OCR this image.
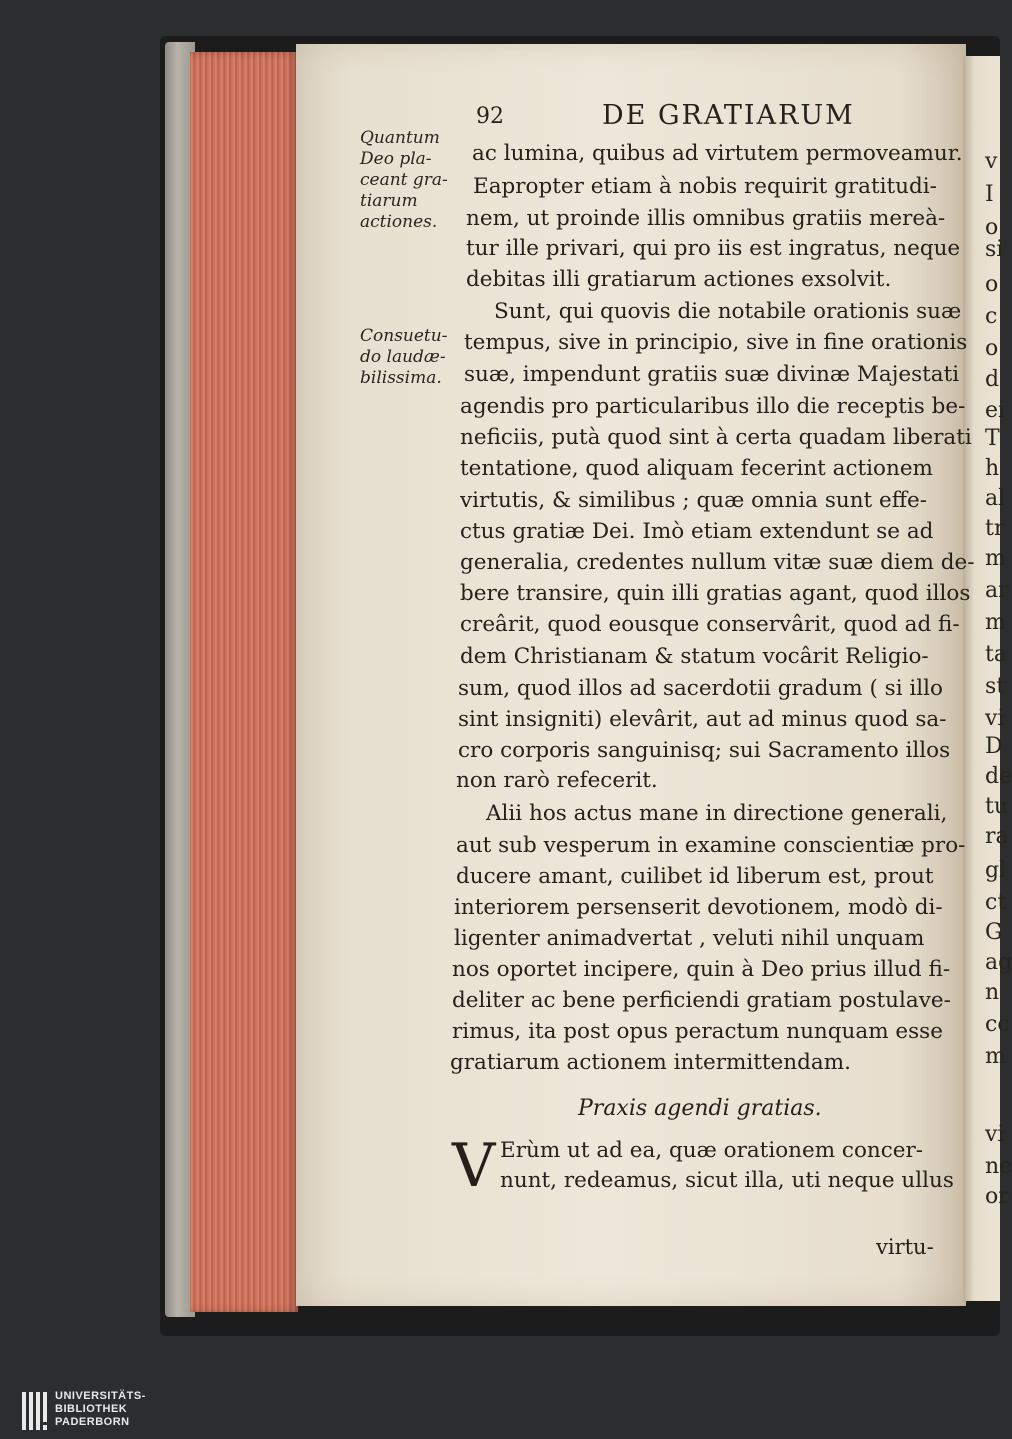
v
I
o
si
o
c
o
d
ei
T
h
al
tr
m
ar
m
ta
st
vi
D
de
tu
ra
gl
ct
G
ag
n
cc
m
vi
ne
or
92	DE GRATIARUM
Quantum
Deo pla-
ceant gra-
tiarum
actiones.
Consuetu-
do laudæ-
bilissima.
ac lumina, quibus ad virtutem permoveamur.
Eapropter etiam à nobis requirit gratitudi-
nem, ut proinde illis omnibus gratiis mereà-
tur ille privari, qui pro iis est ingratus, neque
debitas illi gratiarum actiones exsolvit.
Sunt, qui quovis die notabile orationis suæ
tempus, sive in principio, sive in fine orationis
suæ, impendunt gratiis suæ divinæ Majestati
agendis pro particularibus illo die receptis be-
neficiis, putà quod sint à certa quadam liberati
tentatione, quod aliquam fecerint actionem
virtutis, & similibus ; quæ omnia sunt effe-
ctus gratiæ Dei. Imò etiam extendunt se ad
generalia, credentes nullum vitæ suæ diem de-
bere transire, quin illi gratias agant, quod illos
creârit, quod eousque conservârit, quod ad fi-
dem Christianam & statum vocârit Religio-
sum, quod illos ad sacerdotii gradum ( si illo
sint insigniti) elevârit, aut ad minus quod sa-
cro corporis sanguinisq; sui Sacramento illos
non rarò refecerit.
Alii hos actus mane in directione generali,
aut sub vesperum in examine conscientiæ pro-
ducere amant, cuilibet id liberum est, prout
interiorem persenserit devotionem, modò di-
ligenter animadvertat , veluti nihil unquam
nos oportet incipere, quin à Deo prius illud fi-
deliter ac bene perficiendi gratiam postulave-
rimus, ita post opus peractum nunquam esse
gratiarum actionem intermittendam.
Praxis agendi gratias.
V Erùm ut ad ea, quæ orationem concer-
nunt, redeamus, sicut illa, uti neque ullus
virtu-
UNIVERSITÄTS-
BIBLIOTHEK
PADERBORN
